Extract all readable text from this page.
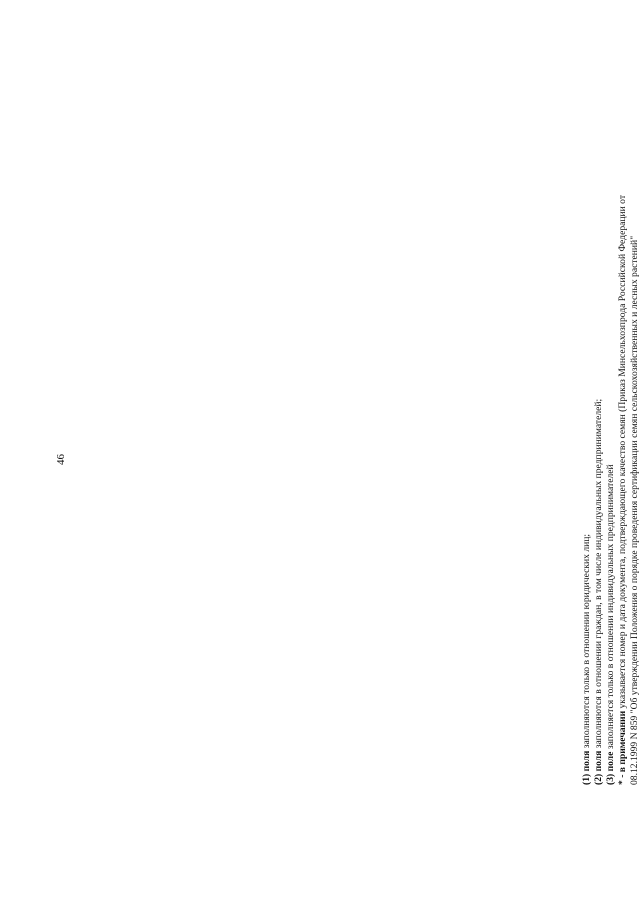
46
(1) поля заполняются только в отношении юридических лиц;
(2) поля заполняются в отношении граждан, в том числе индивидуальных предпринимателей;
(3) поле заполняется только в отношении индивидуальных предпринимателей * - в примечании указывается номер и дата документа, подтверждающего качество семян (Приказ Минсельхозпрода Российской Федерации от 08.12.1999 N 859 "Об утверждении Положения о порядке проведения сертификации семян сельскохозяйственных и лесных растений"
